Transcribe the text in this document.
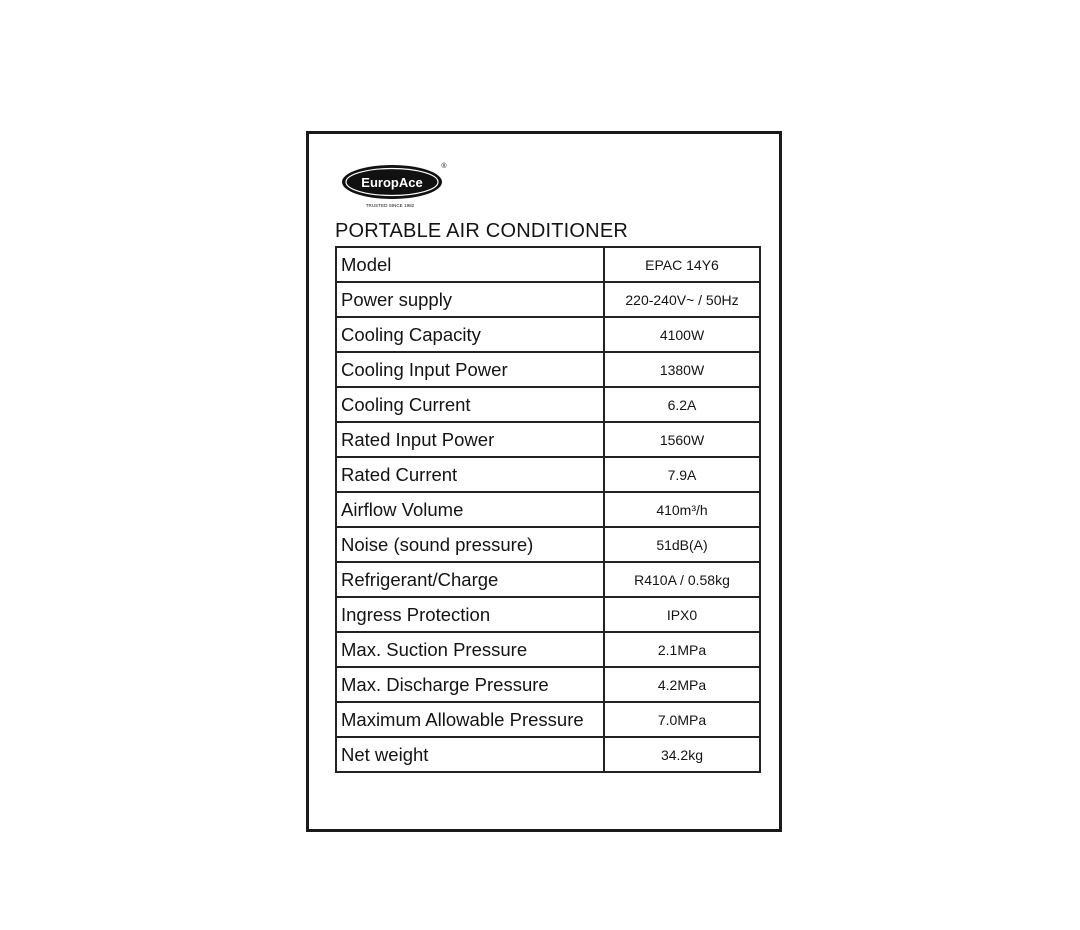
EuropAce
®
TRUSTED SINCE 1982
PORTABLE AIR CONDITIONER
Model	EPAC 14Y6
Power supply	220-240V~ / 50Hz
Cooling Capacity	4100W
Cooling Input Power	1380W
Cooling Current	6.2A
Rated Input Power	1560W
Rated Current	7.9A
Airflow Volume	410m³/h
Noise (sound pressure)	51dB(A)
Refrigerant/Charge	R410A / 0.58kg
Ingress Protection	IPX0
Max. Suction Pressure	2.1MPa
Max. Discharge Pressure	4.2MPa
Maximum Allowable Pressure	7.0MPa
Net weight	34.2kg
